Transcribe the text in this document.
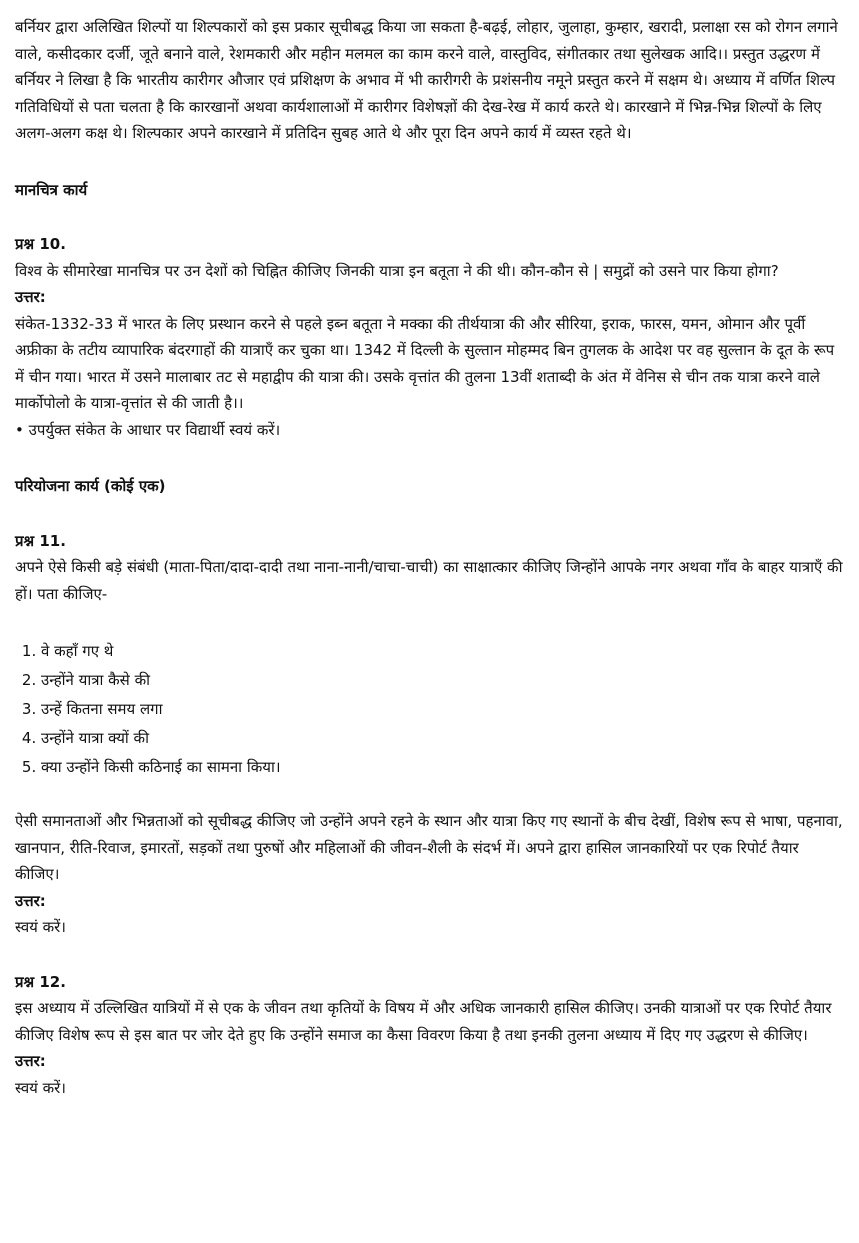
बर्नियर द्वारा अलिखित शिल्पों या शिल्पकारों को इस प्रकार सूचीबद्ध किया जा सकता है-बढ़ई, लोहार, जुलाहा, कुम्हार, खरादी, प्रलाक्षा रस को रोगन लगाने वाले, कसीदकार दर्जी, जूते बनाने वाले, रेशमकारी और महीन मलमल का काम करने वाले, वास्तुविद, संगीतकार तथा सुलेखक आदि।। प्रस्तुत उद्धरण में बर्नियर ने लिखा है कि भारतीय कारीगर औजार एवं प्रशिक्षण के अभाव में भी कारीगरी के प्रशंसनीय नमूने प्रस्तुत करने में सक्षम थे। अध्याय में वर्णित शिल्प गतिविधियों से पता चलता है कि कारखानों अथवा कार्यशालाओं में कारीगर विशेषज्ञों की देख-रेख में कार्य करते थे। कारखाने में भिन्न-भिन्न शिल्पों के लिए अलग-अलग कक्ष थे। शिल्पकार अपने कारखाने में प्रतिदिन सुबह आते थे और पूरा दिन अपने कार्य में व्यस्त रहते थे।

मानचित्र कार्य

प्रश्न 10.

विश्व के सीमारेखा मानचित्र पर उन देशों को चिह्नित कीजिए जिनकी यात्रा इन बतूता ने की थी। कौन-कौन से | समुद्रों को उसने पार किया होगा?

उत्तर:

संकेत-1332-33 में भारत के लिए प्रस्थान करने से पहले इब्न बतूता ने मक्का की तीर्थयात्रा की और सीरिया, इराक, फारस, यमन, ओमान और पूर्वी अफ्रीका के तटीय व्यापारिक बंदरगाहों की यात्राएँ कर चुका था। 1342 में दिल्ली के सुल्तान मोहम्मद बिन तुगलक के आदेश पर वह सुल्तान के दूत के रूप में चीन गया। भारत में उसने मालाबार तट से महाद्वीप की यात्रा की। उसके वृत्तांत की तुलना 13वीं शताब्दी के अंत में वेनिस से चीन तक यात्रा करने वाले मार्कोपोलो के यात्रा-वृत्तांत से की जाती है।।

• उपर्युक्त संकेत के आधार पर विद्यार्थी स्वयं करें।

परियोजना कार्य (कोई एक)

प्रश्न 11.

अपने ऐसे किसी बड़े संबंधी (माता-पिता/दादा-दादी तथा नाना-नानी/चाचा-चाची) का साक्षात्कार कीजिए जिन्होंने आपके नगर अथवा गाँव के बाहर यात्राएँ की हों। पता कीजिए-

1. वे कहाँ गए थे
2. उन्होंने यात्रा कैसे की
3. उन्हें कितना समय लगा
4. उन्होंने यात्रा क्यों की
5. क्या उन्होंने किसी कठिनाई का सामना किया।

ऐसी समानताओं और भिन्नताओं को सूचीबद्ध कीजिए जो उन्होंने अपने रहने के स्थान और यात्रा किए गए स्थानों के बीच देखीं, विशेष रूप से भाषा, पहनावा, खानपान, रीति-रिवाज, इमारतों, सड़कों तथा पुरुषों और महिलाओं की जीवन-शैली के संदर्भ में। अपने द्वारा हासिल जानकारियों पर एक रिपोर्ट तैयार कीजिए।

उत्तर:

स्वयं करें।

प्रश्न 12.

इस अध्याय में उल्लिखित यात्रियों में से एक के जीवन तथा कृतियों के विषय में और अधिक जानकारी हासिल कीजिए। उनकी यात्राओं पर एक रिपोर्ट तैयार कीजिए विशेष रूप से इस बात पर जोर देते हुए कि उन्होंने समाज का कैसा विवरण किया है तथा इनकी तुलना अध्याय में दिए गए उद्धरण से कीजिए।

उत्तर:

स्वयं करें।
